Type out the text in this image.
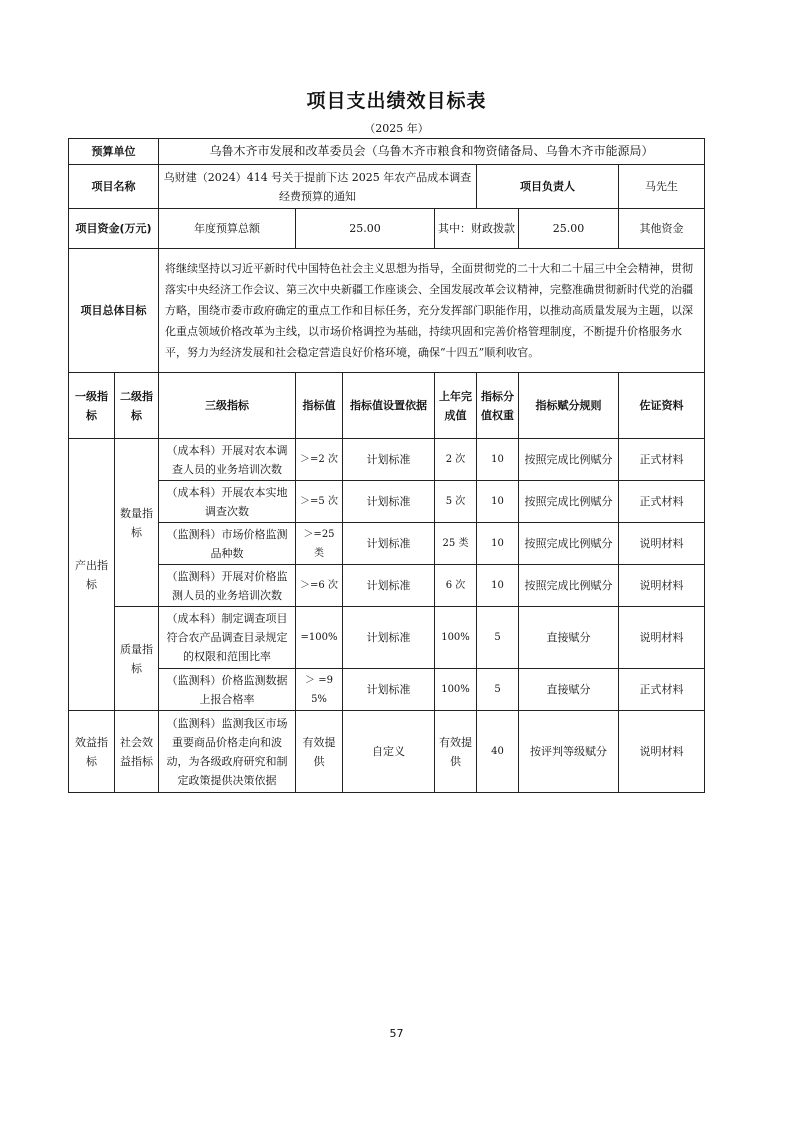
项目支出绩效目标表
（2025 年）
预算单位		乌鲁木齐市发展和改革委员会（乌鲁木齐市粮食和物资储备局、乌鲁木齐市能源局）						
项目名称		乌财建（2024）414 号关于提前下达 2025 年农产品成本调查经费预算的通知				项目负责人		马先生
项目资金(万元)		年度预算总额	25.00		其中：财政拨款		25.00	其他资金

项目总体目标		将继续坚持以习近平新时代中国特色社会主义思想为指导，全面贯彻党的二十大和二十届三中全会精神，贯彻落实中央经济工作会议、第三次中央新疆工作座谈会、全国发展改革会议精神，完整准确贯彻新时代党的治疆方略，围绕市委市政府确定的重点工作和目标任务，充分发挥部门职能作用，以推动高质量发展为主题，以深化重点领域价格改革为主线，以市场价格调控为基础，持续巩固和完善价格管理制度，不断提升价格服务水平，努力为经济发展和社会稳定营造良好价格环境，确保“十四五”顺利收官。						
一级指标	二级指标	三级指标	指标值	指标值设置依据	上年完成值	指标分值权重	指标赋分规则	佐证资料
产出指标	数量指标	（成本科）开展对农本调查人员的业务培训次数	＞=2 次	计划标准	2 次	10	按照完成比例赋分	正式材料
		（成本科）开展农本实地调查次数	＞=5 次	计划标准	5 次	10	按照完成比例赋分	正式材料
		（监测科）市场价格监测品种数	＞=25 类	计划标准	25 类	10	按照完成比例赋分	说明材料
		（监测科）开展对价格监测人员的业务培训次数	＞=6 次	计划标准	6 次	10	按照完成比例赋分	说明材料
	质量指标	（成本科）制定调查项目符合农产品调查目录规定的权限和范围比率	=100%	计划标准	100%	5	直接赋分	说明材料
		（监测科）价格监测数据上报合格率	＞ =95%	计划标准	100%	5	直接赋分	正式材料
效益指标	社会效益指标	（监测科）监测我区市场重要商品价格走向和波动，为各级政府研究和制定政策提供决策依据	有效提供	自定义	有效提供	40	按评判等级赋分	说明材料
57
